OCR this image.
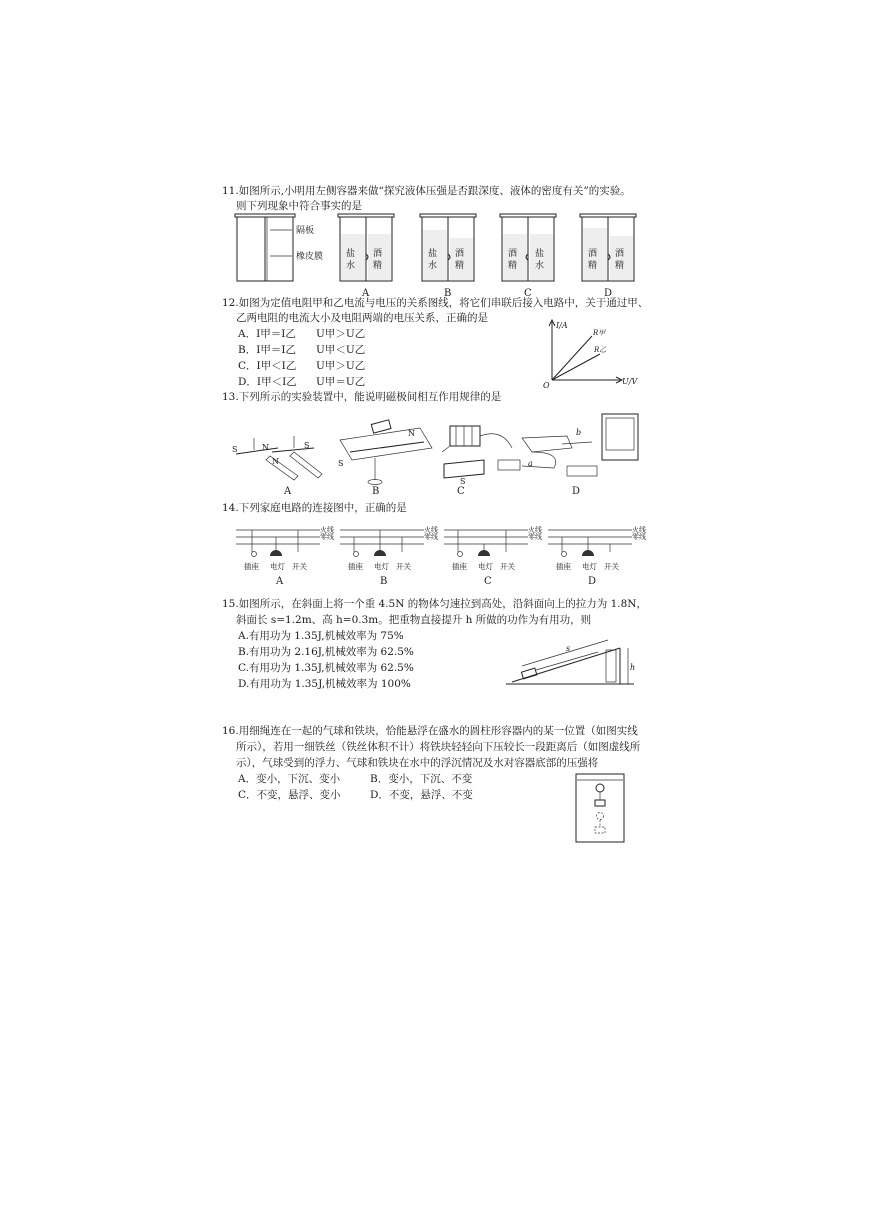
11.如图所示,小明用左侧容器来做“探究液体压强是否跟深度、液体的密度有关”的实验。
则下列现象中符合事实的是
隔板
橡皮膜	盐
水
酒
精
A
盐
水
酒
精
B
酒
精
盐
水
C
酒
精
酒
精
D
12.如图为定值电阻甲和乙电流与电压的关系图线，将它们串联后接入电路中，关于通过甲、
乙两电阻的电流大小及电阻两端的电压关系，正确的是
A．I甲＝I乙 U甲＞U乙
B．I甲＝I乙 U甲＜U乙
C．I甲＜I乙 U甲＞U乙
D．I甲＜I乙 U甲＝U乙
I/A
U/V
O
R甲
R乙
13.下列所示的实验装置中，能说明磁极间相互作用规律的是
S	N	S
N
A
S
N
B
S
C
b
a
D
14.下列家庭电路的连接图中，正确的是
火线
零线
插座 电灯 开关
A
火线
零线
插座 电灯 开关
B
火线
零线
插座 电灯 开关
C
火线
零线
插座 电灯 开关
D
15.如图所示，在斜面上将一个重 4.5N 的物体匀速拉到高处，沿斜面向上的拉力为 1.8N，
斜面长 s=1.2m、高 h=0.3m。把重物直接提升 h 所做的功作为有用功，则
A.有用功为 1.35J,机械效率为 75%
B.有用功为 2.16J,机械效率为 62.5%
C.有用功为 1.35J,机械效率为 62.5%
D.有用功为 1.35J,机械效率为 100%
s
h
16.用细绳连在一起的气球和铁块，恰能悬浮在盛水的圆柱形容器内的某一位置（如图实线
所示），若用一细铁丝（铁丝体积不计）将铁块轻轻向下压较长一段距离后（如图虚线所
示），气球受到的浮力、气球和铁块在水中的浮沉情况及水对容器底部的压强将
A．变小，下沉、变小	B．变小，下沉、不变
C．不变，悬浮、变小	D．不变，悬浮、不变
